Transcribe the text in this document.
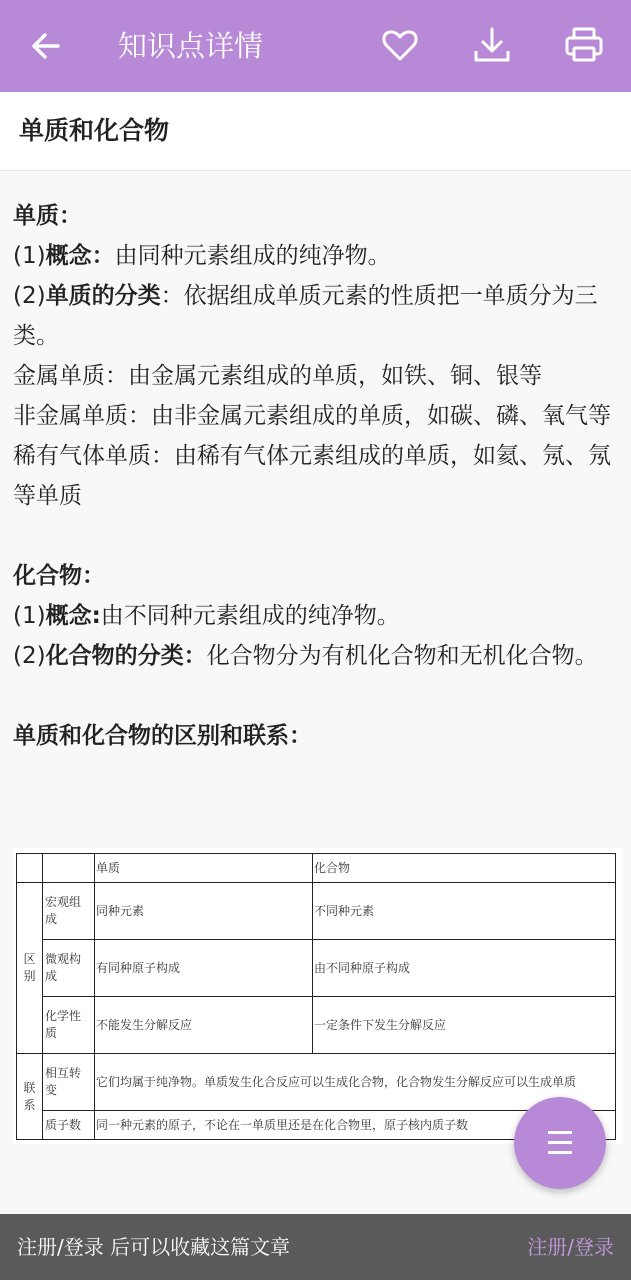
知识点详情
单质和化合物

单质：

(1)概念：由同种元素组成的纯净物。

(2)单质的分类：依据组成单质元素的性质把一单质分为三类。

金属单质：由金属元素组成的单质，如铁、铜、银等

非金属单质：由非金属元素组成的单质，如碳、磷、氧气等

稀有气体单质：由稀有气体元素组成的单质，如氦、氖、氖等单质

化合物：

(1)概念:由不同种元素组成的纯净物。

(2)化合物的分类：化合物分为有机化合物和无机化合物。

单质和化合物的区别和联系：

		单质	化合物
区别	宏观组成	同种元素	不同种元素
	微观构成	有同种原子构成	由不同种原子构成
	化学性质	不能发生分解反应	一定条件下发生分解反应
联系	相互转变	它们均属于纯净物。单质发生化合反应可以生成化合物，化合物发生分解反应可以生成单质	
	质子数	同一种元素的原子，不论在一单质里还是在化合物里，原子核内质子数	
注册/登录 后可以收藏这篇文章	注册/登录
